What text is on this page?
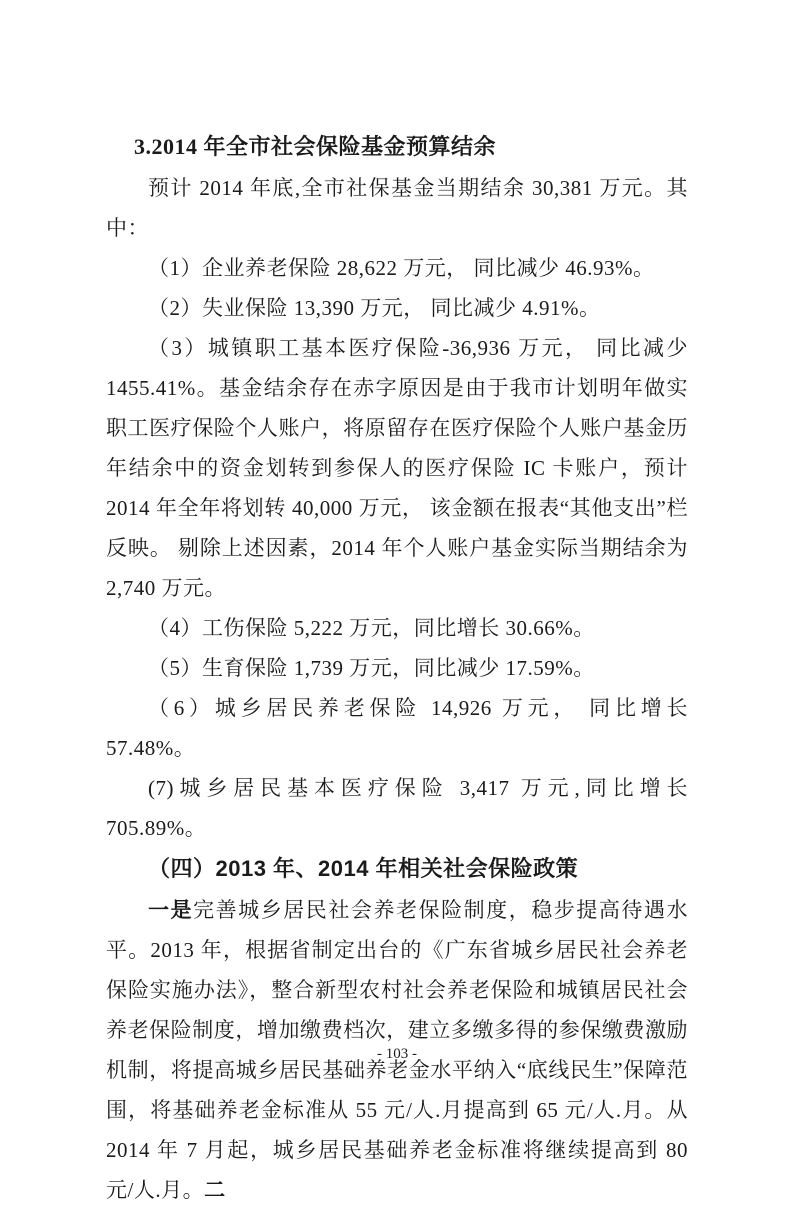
3.2014 年全市社会保险基金预算结余

预计 2014 年底,全市社保基金当期结余 30,381 万元。其中：

（1）企业养老保险 28,622 万元， 同比减少 46.93%。

（2）失业保险 13,390 万元， 同比减少 4.91%。

（3）城镇职工基本医疗保险-36,936 万元， 同比减少 1455.41%。基金结余存在赤字原因是由于我市计划明年做实职工医疗保险个人账户，将原留存在医疗保险个人账户基金历年结余中的资金划转到参保人的医疗保险 IC 卡账户，预计 2014 年全年将划转 40,000 万元， 该金额在报表“其他支出”栏反映。 剔除上述因素，2014 年个人账户基金实际当期结余为 2,740 万元。

（4）工伤保险 5,222 万元，同比增长 30.66%。

（5）生育保险 1,739 万元，同比减少 17.59%。

（6）城乡居民养老保险 14,926 万元， 同比增长 57.48%。

(7)城乡居民基本医疗保险 3,417 万元,同比增长 705.89%。

（四）2013 年、2014 年相关社会保险政策

一是完善城乡居民社会养老保险制度，稳步提高待遇水平。2013 年，根据省制定出台的《广东省城乡居民社会养老保险实施办法》，整合新型农村社会养老保险和城镇居民社会养老保险制度，增加缴费档次，建立多缴多得的参保缴费激励机制，将提高城乡居民基础养老金水平纳入“底线民生”保障范围，将基础养老金标准从 55 元/人.月提高到 65 元/人.月。从 2014 年 7 月起，城乡居民基础养老金标准将继续提高到 80 元/人.月。二

- 103 -
